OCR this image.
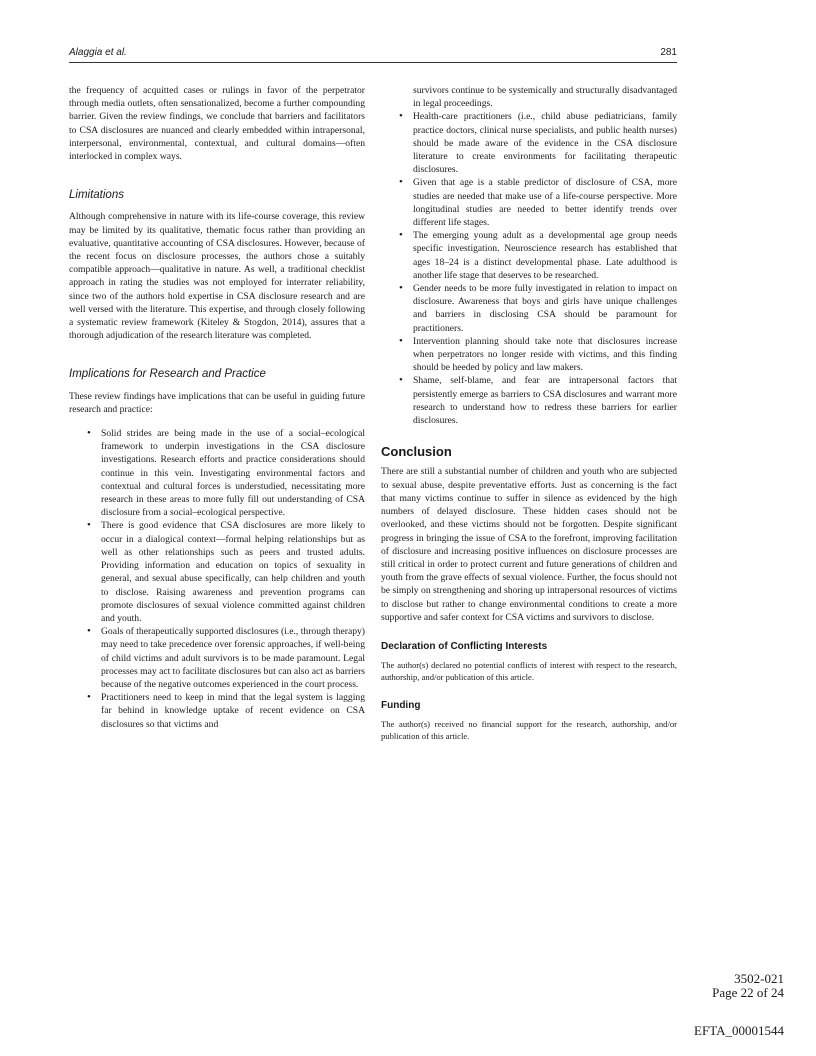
Alaggia et al.	281

the frequency of acquitted cases or rulings in favor of the perpetrator through media outlets, often sensationalized, become a further compounding barrier. Given the review findings, we conclude that barriers and facilitators to CSA disclosures are nuanced and clearly embedded within intrapersonal, interpersonal, environmental, contextual, and cultural domains—often interlocked in complex ways.

Limitations

Although comprehensive in nature with its life-course coverage, this review may be limited by its qualitative, thematic focus rather than providing an evaluative, quantitative accounting of CSA disclosures. However, because of the recent focus on disclosure processes, the authors chose a suitably compatible approach—qualitative in nature. As well, a traditional checklist approach in rating the studies was not employed for interrater reliability, since two of the authors hold expertise in CSA disclosure research and are well versed with the literature. This expertise, and through closely following a systematic review framework (Kiteley & Stogdon, 2014), assures that a thorough adjudication of the research literature was completed.

Implications for Research and Practice

These review findings have implications that can be useful in guiding future research and practice:

• Solid strides are being made in the use of a social–ecological framework to underpin investigations in the CSA disclosure investigations. Research efforts and practice considerations should continue in this vein. Investigating environmental factors and contextual and cultural forces is understudied, necessitating more research in these areas to more fully fill out understanding of CSA disclosure from a social–ecological perspective.
• There is good evidence that CSA disclosures are more likely to occur in a dialogical context—formal helping relationships but as well as other relationships such as peers and trusted adults. Providing information and education on topics of sexuality in general, and sexual abuse specifically, can help children and youth to disclose. Raising awareness and prevention programs can promote disclosures of sexual violence committed against children and youth.
• Goals of therapeutically supported disclosures (i.e., through therapy) may need to take precedence over forensic approaches, if well-being of child victims and adult survivors is to be made paramount. Legal processes may act to facilitate disclosures but can also act as barriers because of the negative outcomes experienced in the court process.
• Practitioners need to keep in mind that the legal system is lagging far behind in knowledge uptake of recent evidence on CSA disclosures so that victims and

survivors continue to be systemically and structurally disadvantaged in legal proceedings.

• Health-care practitioners (i.e., child abuse pediatricians, family practice doctors, clinical nurse specialists, and public health nurses) should be made aware of the evidence in the CSA disclosure literature to create environments for facilitating therapeutic disclosures.
• Given that age is a stable predictor of disclosure of CSA, more studies are needed that make use of a life-course perspective. More longitudinal studies are needed to better identify trends over different life stages.
• The emerging young adult as a developmental age group needs specific investigation. Neuroscience research has established that ages 18–24 is a distinct developmental phase. Late adulthood is another life stage that deserves to be researched.
• Gender needs to be more fully investigated in relation to impact on disclosure. Awareness that boys and girls have unique challenges and barriers in disclosing CSA should be paramount for practitioners.
• Intervention planning should take note that disclosures increase when perpetrators no longer reside with victims, and this finding should be heeded by policy and law makers.
• Shame, self-blame, and fear are intrapersonal factors that persistently emerge as barriers to CSA disclosures and warrant more research to understand how to redress these barriers for earlier disclosures.
Conclusion

There are still a substantial number of children and youth who are subjected to sexual abuse, despite preventative efforts. Just as concerning is the fact that many victims continue to suffer in silence as evidenced by the high numbers of delayed disclosure. These hidden cases should not be overlooked, and these victims should not be forgotten. Despite significant progress in bringing the issue of CSA to the forefront, improving facilitation of disclosure and increasing positive influences on disclosure processes are still critical in order to protect current and future generations of children and youth from the grave effects of sexual violence. Further, the focus should not be simply on strengthening and shoring up intrapersonal resources of victims to disclose but rather to change environmental conditions to create a more supportive and safer context for CSA victims and survivors to disclose.

Declaration of Conflicting Interests

The author(s) declared no potential conflicts of interest with respect to the research, authorship, and/or publication of this article.

Funding

The author(s) received no financial support for the research, authorship, and/or publication of this article.

3502-021
Page 22 of 24
EFTA_00001544
